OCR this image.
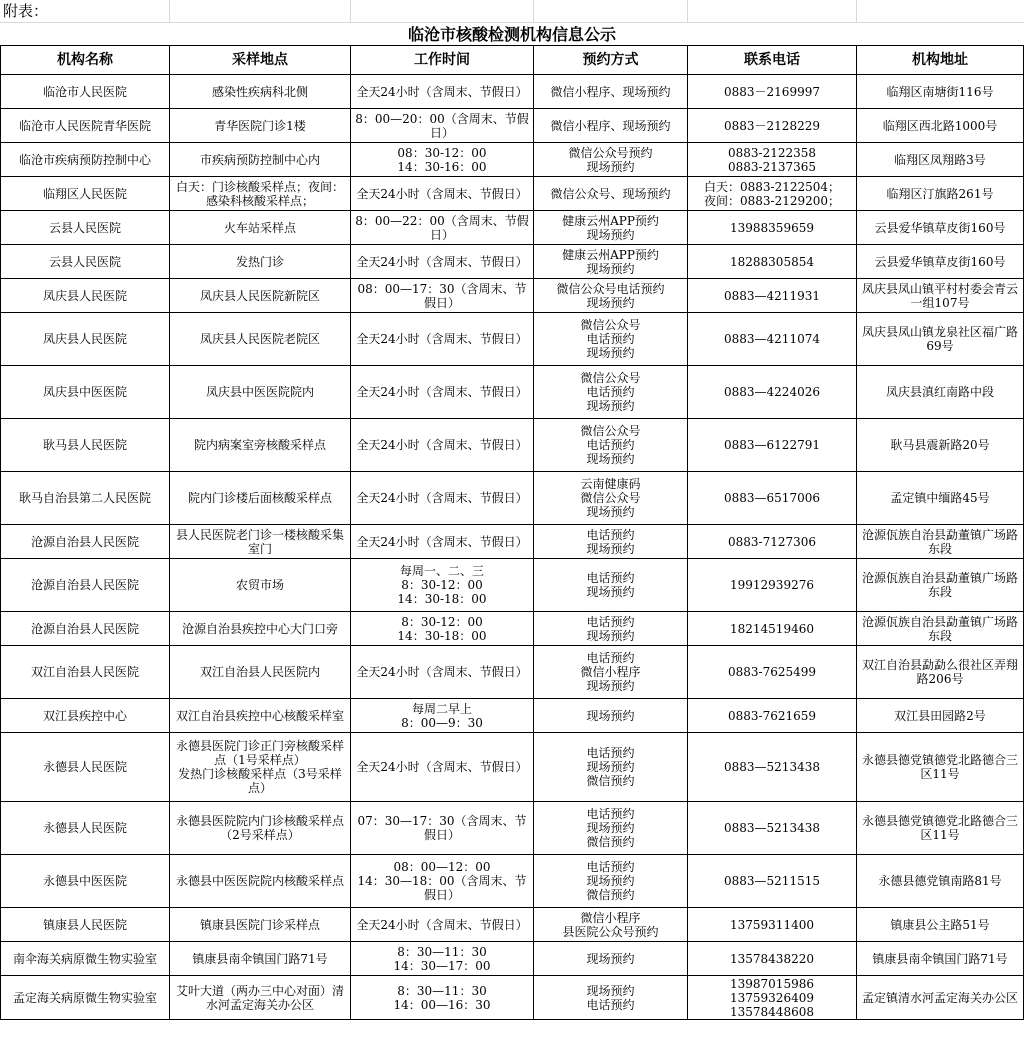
附表：
临沧市核酸检测机构信息公示
机构名称	采样地点	工作时间	预约方式	联系电话	机构地址
临沧市人民医院	感染性疾病科北侧	全天24小时（含周末、节假日）	微信小程序、现场预约	0883－2169997	临翔区南塘街116号
临沧市人民医院青华医院	青华医院门诊1楼	8：00—20：00（含周末、节假日）	微信小程序、现场预约	0883－2128229	临翔区西北路1000号
临沧市疾病预防控制中心	市疾病预防控制中心内	08：30-12：00
14：30-16：00	微信公众号预约
现场预约	0883-2122358
0883-2137365	临翔区凤翔路3号
临翔区人民医院	白天：门诊核酸采样点；夜间：感染科核酸采样点；	全天24小时（含周末、节假日）	微信公众号、现场预约	白天：0883-2122504；
夜间：0883-2129200；	临翔区汀旗路261号
云县人民医院	火车站采样点	8：00—22：00（含周末、节假日）	健康云州APP预约
现场预约	13988359659	云县爱华镇草皮街160号
云县人民医院	发热门诊	全天24小时（含周末、节假日）	健康云州APP预约
现场预约	18288305854	云县爱华镇草皮街160号
凤庆县人民医院	凤庆县人民医院新院区	08：00—17：30（含周末、节假日）	微信公众号电话预约
现场预约	0883—4211931	凤庆县凤山镇平村村委会青云一组107号
凤庆县人民医院	凤庆县人民医院老院区	全天24小时（含周末、节假日）	微信公众号
电话预约
现场预约	0883—4211074	凤庆县凤山镇龙泉社区福广路69号
凤庆县中医医院	凤庆县中医医院院内	全天24小时（含周末、节假日）	微信公众号
电话预约
现场预约	0883—4224026	凤庆县滇红南路中段
耿马县人民医院	院内病案室旁核酸采样点	全天24小时（含周末、节假日）	微信公众号
电话预约
现场预约	0883—6122791	耿马县震新路20号
耿马自治县第二人民医院	院内门诊楼后面核酸采样点	全天24小时（含周末、节假日）	云南健康码
微信公众号
现场预约	0883—6517006	孟定镇中缅路45号
沧源自治县人民医院	县人民医院老门诊一楼核酸采集室门	全天24小时（含周末、节假日）	电话预约
现场预约	0883-7127306	沧源佤族自治县勐董镇广场路东段
沧源自治县人民医院	农贸市场	每周一、二、三
8：30-12：00
14：30-18：00	电话预约
现场预约	19912939276	沧源佤族自治县勐董镇广场路东段
沧源自治县人民医院	沧源自治县疾控中心大门口旁	8：30-12：00
14：30-18：00	电话预约
现场预约	18214519460	沧源佤族自治县勐董镇广场路东段
双江自治县人民医院	双江自治县人民医院内	全天24小时（含周末、节假日）	电话预约
微信小程序
现场预约	0883-7625499	双江自治县勐勐么很社区弄翔路206号
双江县疾控中心	双江自治县疾控中心核酸采样室	每周二早上
8：00—9：30	现场预约	0883-7621659	双江县田园路2号
永德县人民医院	永德县医院门诊正门旁核酸采样点（1号采样点）
发热门诊核酸采样点（3号采样点）	全天24小时（含周末、节假日）	电话预约
现场预约
微信预约	0883—5213438	永德县德党镇德党北路德合三区11号
永德县人民医院	永德县医院院内门诊核酸采样点（2号采样点）	07：30—17：30（含周末、节假日）	电话预约
现场预约
微信预约	0883—5213438	永德县德党镇德党北路德合三区11号
永德县中医医院	永德县中医医院院内核酸采样点	08：00—12：00
14：30—18：00（含周末、节假日）	电话预约
现场预约
微信预约	0883—5211515	永德县德党镇南路81号
镇康县人民医院	镇康县医院门诊采样点	全天24小时（含周末、节假日）	微信小程序
县医院公众号预约	13759311400	镇康县公主路51号
南伞海关病原微生物实验室	镇康县南伞镇国门路71号	8：30—11：30
14：30—17：00	现场预约	13578438220	镇康县南伞镇国门路71号
孟定海关病原微生物实验室	艾叶大道（两办三中心对面）清水河孟定海关办公区	8：30—11：30
14：00—16：30	现场预约
电话预约	13987015986
13759326409
13578448608	孟定镇清水河孟定海关办公区
